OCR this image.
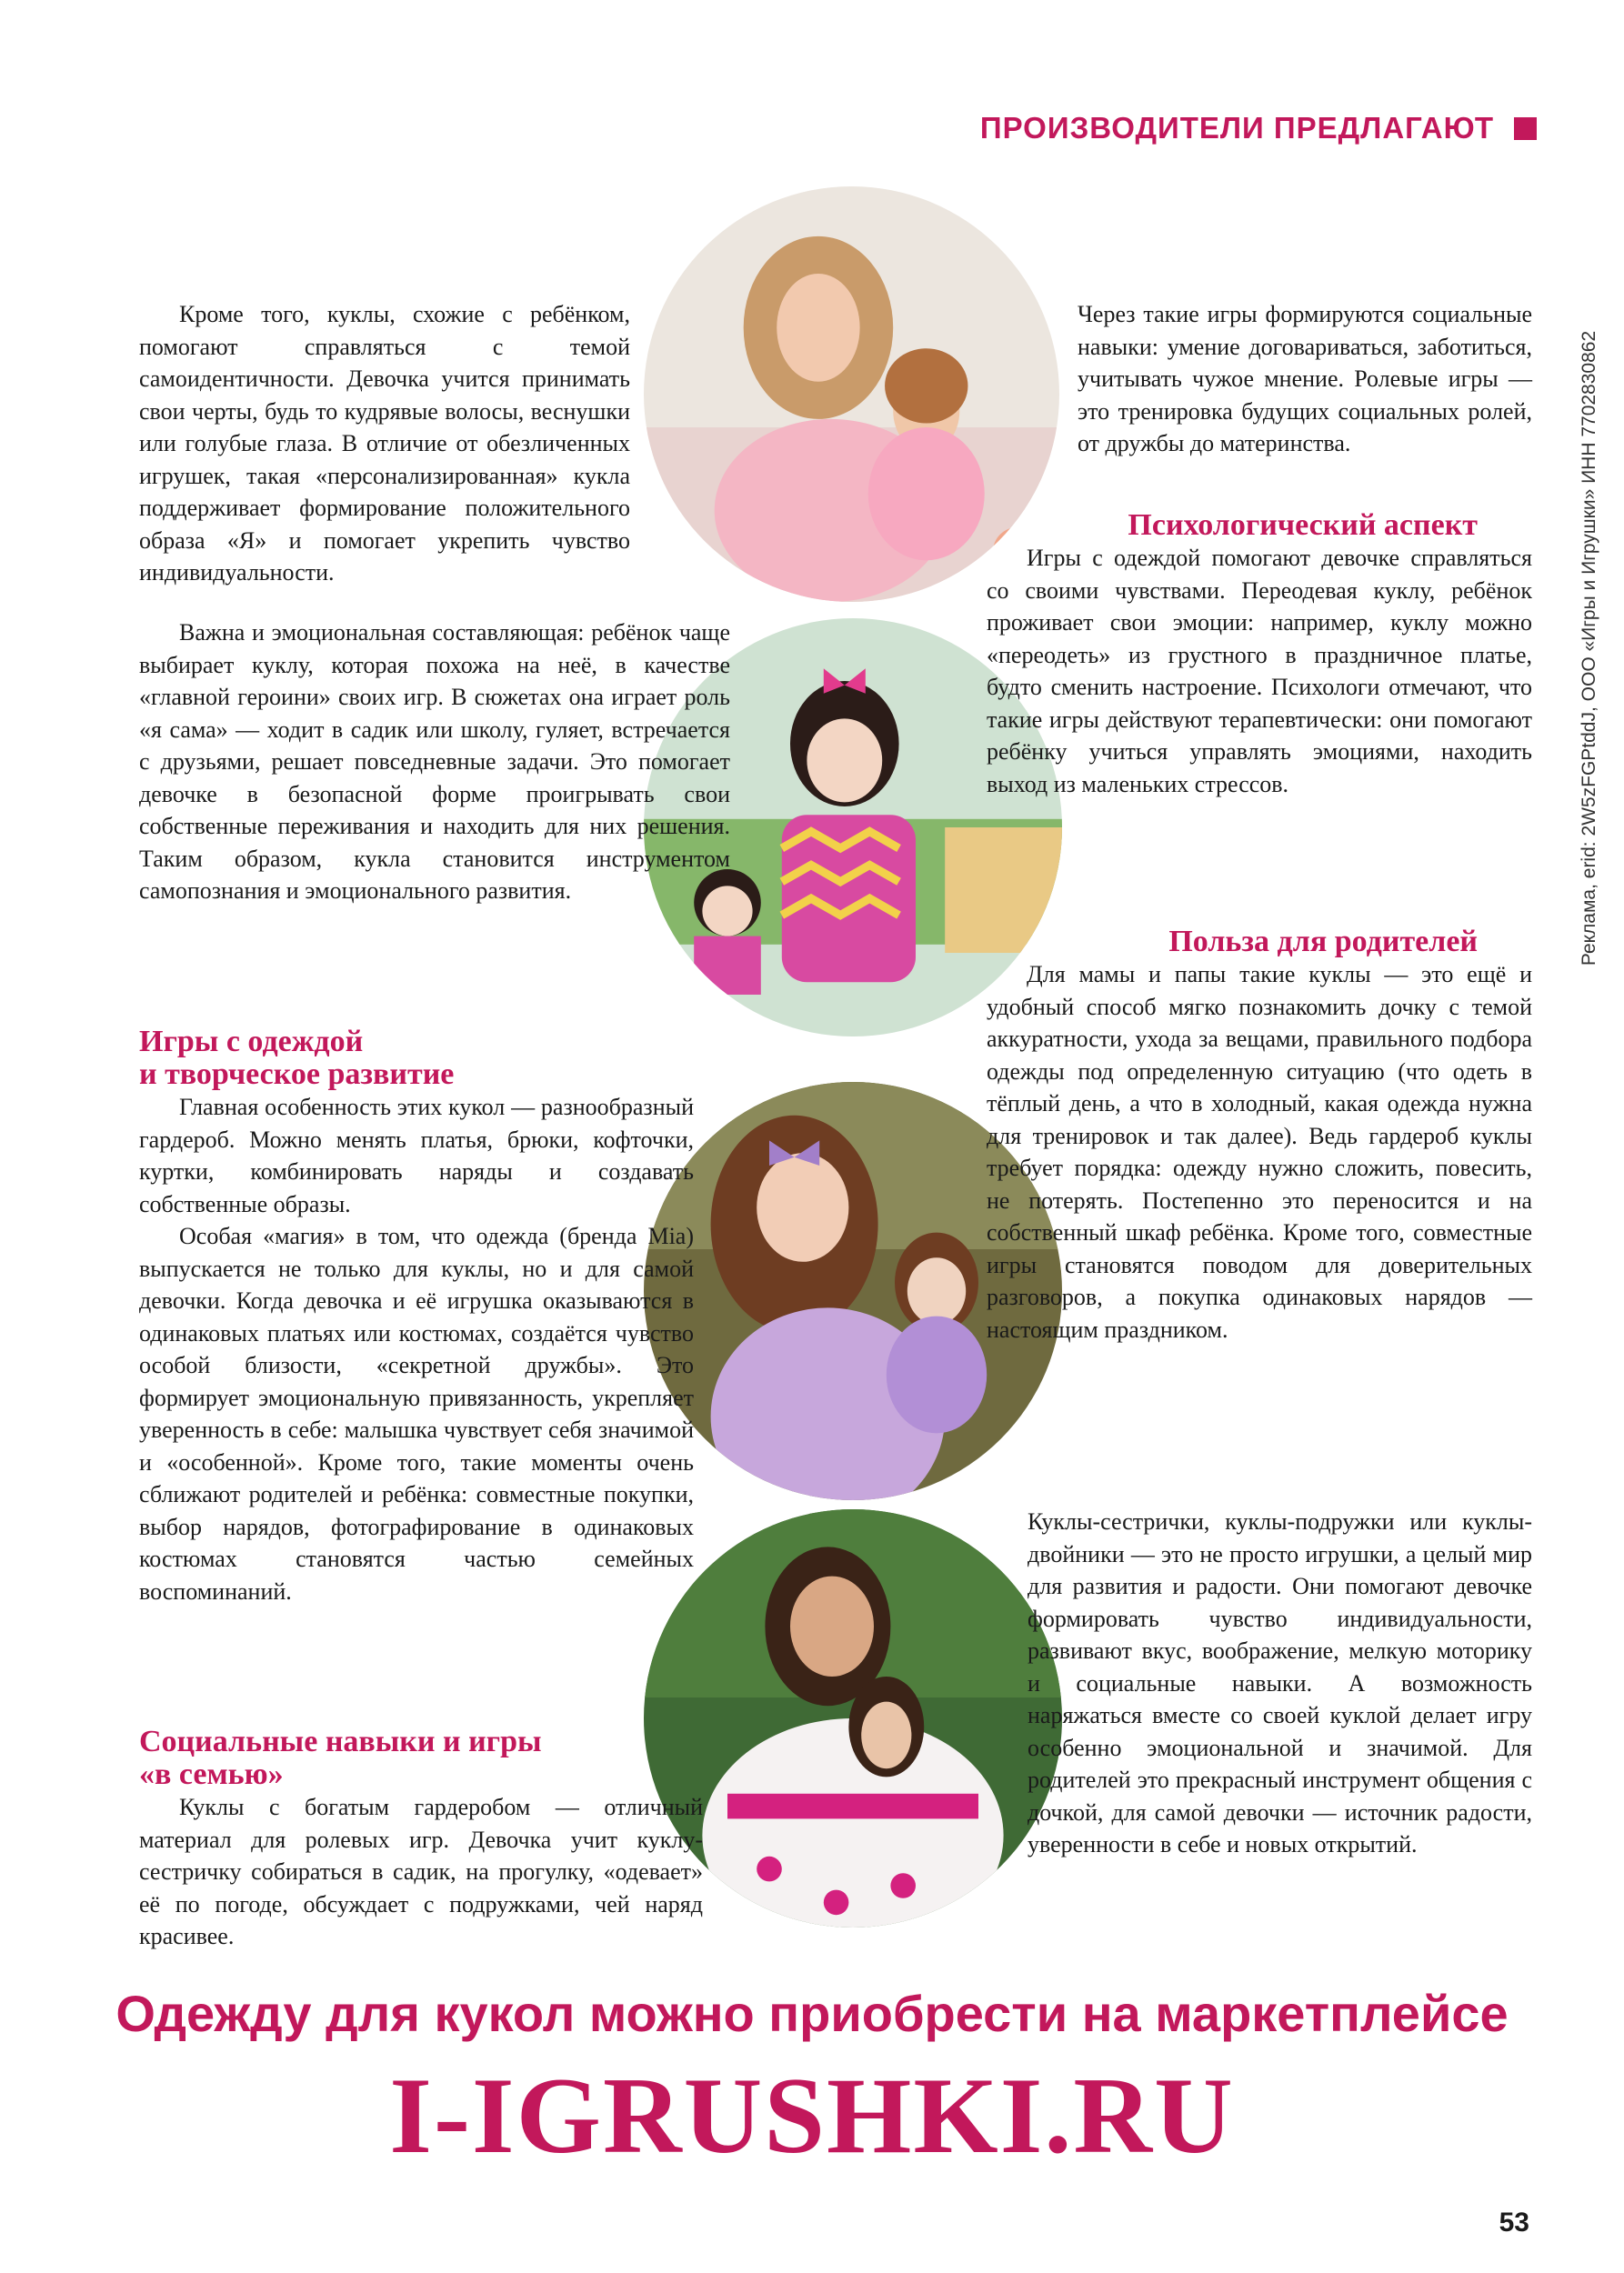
ПРОИЗВОДИТЕЛИ ПРЕДЛАГАЮТ
Реклама, erid: 2W5zFGPtddJ, ООО «Игры и Игрушки» ИНН 7702830862

Кроме того, куклы, схожие с ребёнком, помогают справляться с темой самоидентичности. Девочка учится принимать свои черты, будь то кудрявые волосы, веснушки или голубые глаза. В отличие от обезличенных игрушек, такая «персонализированная» кукла поддерживает формирование положительного образа «Я» и помогает укрепить чувство индивидуальности.

Важна и эмоциональная составляющая: ребёнок чаще выбирает куклу, которая похожа на неё, в качестве «главной героини» своих игр. В сюжетах она играет роль «я сама» — ходит в садик или школу, гуляет, встречается с друзьями, решает повседневные задачи. Это помогает девочке в безопасной форме проигрывать свои собственные переживания и находить для них решения. Таким образом, кукла становится инструментом самопознания и эмоционального развития.

Игры с одеждой
и творческое развитие

Главная особенность этих кукол — разнообразный гардероб. Можно менять платья, брюки, кофточки, куртки, комбинировать наряды и создавать собственные образы.

Особая «магия» в том, что одежда (бренда Mia) выпускается не только для куклы, но и для самой девочки. Когда девочка и её игрушка оказываются в одинаковых платьях или костюмах, создаётся чувство особой близости, «секретной дружбы». Это формирует эмоциональную привязанность, укрепляет уверенность в себе: малышка чувствует себя значимой и «особенной». Кроме того, такие моменты очень сближают родителей и ребёнка: совместные покупки, выбор нарядов, фотографирование в одинаковых костюмах становятся частью семейных воспоминаний.

Социальные навыки и игры
«в семью»

Куклы с богатым гардеробом — отличный материал для ролевых игр. Девочка учит куклу-сестричку собираться в садик, на прогулку, «одевает» её по погоде, обсуждает с подружками, чей наряд красивее.

Через такие игры формируются социальные навыки: умение договариваться, заботиться, учитывать чужое мнение. Ролевые игры — это тренировка будущих социальных ролей, от дружбы до материнства.

Психологический аспект

Игры с одеждой помогают девочке справляться со своими чувствами. Переодевая куклу, ребёнок проживает свои эмоции: например, куклу можно «переодеть» из грустного в праздничное платье, будто сменить настроение. Психологи отмечают, что такие игры действуют терапевтически: они помогают ребёнку учиться управлять эмоциями, находить выход из маленьких стрессов.

Польза для родителей

Для мамы и папы такие куклы — это ещё и удобный способ мягко познакомить дочку с темой аккуратности, ухода за вещами, правильного подбора одежды под определенную ситуацию (что одеть в тёплый день, а что в холодный, какая одежда нужна для тренировок и так далее). Ведь гардероб куклы требует порядка: одежду нужно сложить, повесить, не потерять. Постепенно это переносится и на собственный шкаф ребёнка. Кроме того, совместные игры становятся поводом для доверительных разговоров, а покупка одинаковых нарядов — настоящим праздником.

Куклы-сестрички, куклы-подружки или куклы-двойники — это не просто игрушки, а целый мир для развития и радости. Они помогают девочке формировать чувство индивидуальности, развивают вкус, воображение, мелкую моторику и социальные навыки. А возможность наряжаться вместе со своей куклой делает игру особенно эмоциональной и значимой. Для родителей это прекрасный инструмент общения с дочкой, для самой девочки — источник радости, уверенности в себе и новых открытий.

Одежду для кукол можно приобрести на маркетплейсе
I-IGRUSHKI.RU
53
